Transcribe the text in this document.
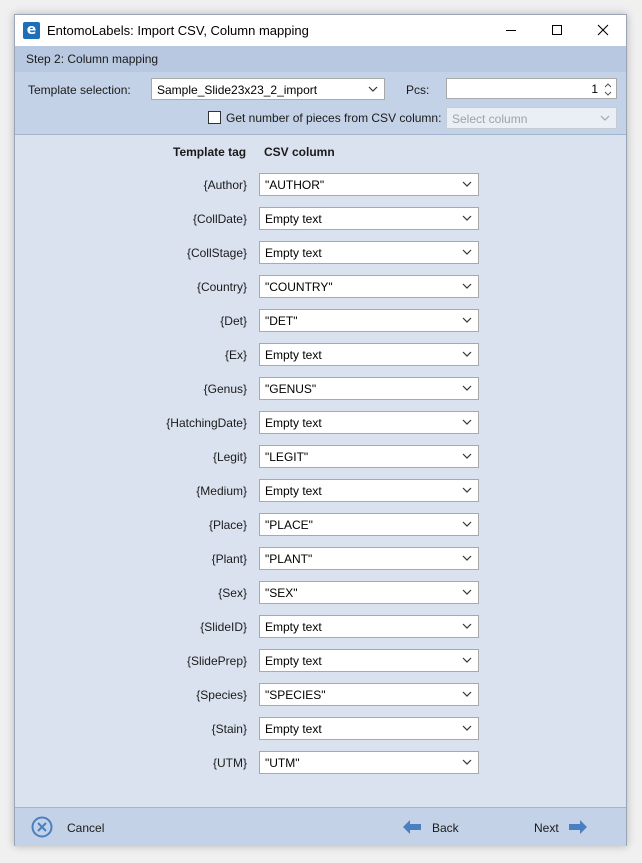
e EntomoLabels: Import CSV, Column mapping
Step 2: Column mapping
Template selection: Sample_Slide23x23_2_import	Pcs:	1
Get number of pieces from CSV column: Select column
Template tag CSV column
{Author} "AUTHOR"
{CollDate} Empty text
{CollStage} Empty text
{Country} "COUNTRY"
{Det} "DET"
{Ex} Empty text
{Genus} "GENUS"
{HatchingDate} Empty text
{Legit} "LEGIT"
{Medium} Empty text
{Place} "PLACE"
{Plant} "PLANT"
{Sex} "SEX"
{SlideID} Empty text
{SlidePrep} Empty text
{Species} "SPECIES"
{Stain} Empty text
{UTM} "UTM"
Cancel	Back	Next
